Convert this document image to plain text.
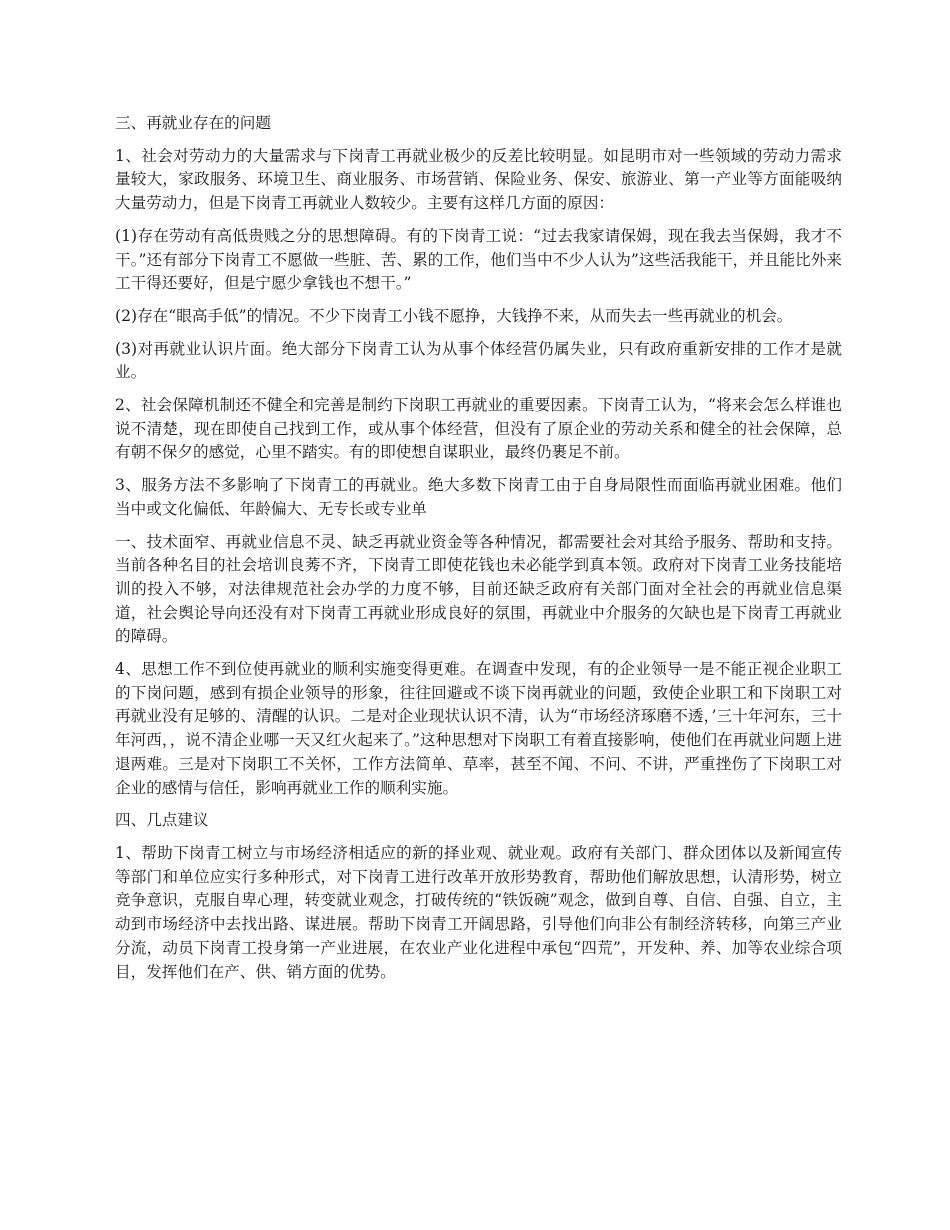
三、再就业存在的问题

1、社会对劳动力的大量需求与下岗青工再就业极少的反差比较明显。如昆明市对一些领域的劳动力需求量较大，家政服务、环境卫生、商业服务、市场营销、保险业务、保安、旅游业、第一产业等方面能吸纳大量劳动力，但是下岗青工再就业人数较少。主要有这样几方面的原因：

(1)存在劳动有高低贵贱之分的思想障碍。有的下岗青工说：“过去我家请保姆，现在我去当保姆，我才不干。”还有部分下岗青工不愿做一些脏、苦、累的工作，他们当中不少人认为”这些活我能干，并且能比外来工干得还要好，但是宁愿少拿钱也不想干。”

(2)存在“眼高手低”的情况。不少下岗青工小钱不愿挣，大钱挣不来，从而失去一些再就业的机会。

(3)对再就业认识片面。绝大部分下岗青工认为从事个体经营仍属失业，只有政府重新安排的工作才是就业。

2、社会保障机制还不健全和完善是制约下岗职工再就业的重要因素。下岗青工认为，“将来会怎么样谁也说不清楚，现在即使自己找到工作，或从事个体经营，但没有了原企业的劳动关系和健全的社会保障，总有朝不保夕的感觉，心里不踏实。有的即使想自谋职业，最终仍裹足不前。

3、服务方法不多影响了下岗青工的再就业。绝大多数下岗青工由于自身局限性而面临再就业困难。他们当中或文化偏低、年龄偏大、无专长或专业单

一、技术面窄、再就业信息不灵、缺乏再就业资金等各种情况，都需要社会对其给予服务、帮助和支持。当前各种名目的社会培训良莠不齐，下岗青工即使花钱也未必能学到真本领。政府对下岗青工业务技能培训的投入不够，对法律规范社会办学的力度不够，目前还缺乏政府有关部门面对全社会的再就业信息渠道，社会舆论导向还没有对下岗青工再就业形成良好的氛围，再就业中介服务的欠缺也是下岗青工再就业的障碍。

4、思想工作不到位使再就业的顺利实施变得更难。在调查中发现，有的企业领导一是不能正视企业职工的下岗问题，感到有损企业领导的形象，往往回避或不谈下岗再就业的问题，致使企业职工和下岗职工对再就业没有足够的、清醒的认识。二是对企业现状认识不清，认为“市场经济琢磨不透，’三十年河东，三十年河西，，说不清企业哪一天又红火起来了。”这种思想对下岗职工有着直接影响，使他们在再就业问题上进退两难。三是对下岗职工不关怀，工作方法简单、草率，甚至不闻、不问、不讲，严重挫伤了下岗职工对企业的感情与信任，影响再就业工作的顺利实施。

四、几点建议

1、帮助下岗青工树立与市场经济相适应的新的择业观、就业观。政府有关部门、群众团体以及新闻宣传等部门和单位应实行多种形式，对下岗青工进行改革开放形势教育，帮助他们解放思想，认清形势，树立竞争意识，克服自卑心理，转变就业观念，打破传统的“铁饭碗”观念，做到自尊、自信、自强、自立，主动到市场经济中去找出路、谋进展。帮助下岗青工开阔思路，引导他们向非公有制经济转移，向第三产业分流，动员下岗青工投身第一产业进展，在农业产业化进程中承包“四荒”，开发种、养、加等农业综合项目，发挥他们在产、供、销方面的优势。
